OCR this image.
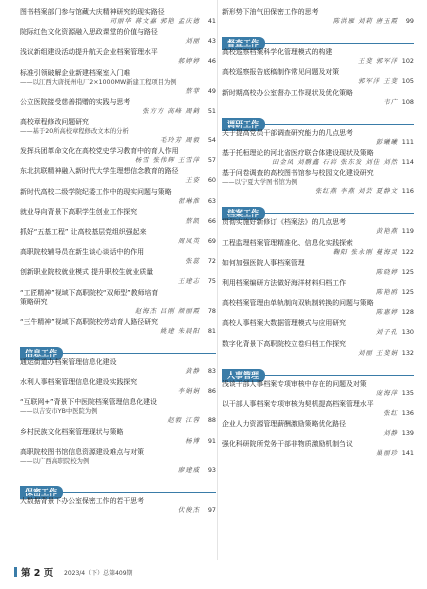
图书档案部门参与馆藏大庆精神研究的现实路径
司丽华 蒋文嘉 郭艳 孟庆德 41
院际红色文化资源融入思政课堂的价值与路径
刘丽 43
浅议新组建设活动提升航天企业档案管理水平
郝婷婷 46
标准引领破解企业新建档案室入门难
——以江西大唐抚州电厂2×1000MW新建工程项目为例
蔡菲 49
公立医院接受慈善捐赠的实践与思考
张方方 高峰 周鹤 51
高校章程修改问题研究
——基于20所高校章程修改文本的分析
毛玲芳 周毅 54
发挥兵团革命文化在高校党史学习教育中的育人作用
杨雪 张伟辉 王雪萍 57
东北抗联精神融入新时代大学生理想信念教育的路径
王姿 60
新时代高校二级学院纪委工作中的现实问题与策略
翟琳淮 63
就业导向背景下高职学生创业工作探究
蔡凯 66
抓好“五基工程” 让高校基层党组织强起来
周凤英 69
高职院校辅导员在新生谈心谈话中的作用
张蕊 72
创新职业院校就业模式 提升职校生就业质量
王建志 75
“工匠精神”视域下高职院校“双师型”教师培育
策略研究
赵海杰 吕刚 颜丽霞 78
“三牛精神”视域下高职院校劳动育人路径研究
姚建 朱晨阳 81
通运街道办档案管理信息化建设
黄静 83
水利人事档案管理信息化建设实践探究
李娟娟 86
“互联网+”背景下中医院档案管理信息化建设
——以吉安市YB中医院为例
赵毅 江蓉 88
乡村民族文化档案管理现状与策略
杨博 91
高职院校图书馆信息资源建设难点与对策
——以广西高职院校为例
廖建威 93
大数据背景下办公室保密工作的若干思考
伏俊杰 97
新形势下油气田保密工作的思考
陈洪雁 刘莉 唐玉霞 99
高校巡察档案科学化管理模式的构建
王斐 郭军洋 102
高校巡察报告底稿制作常见问题及对策
郭军洋 王斐 105
新时期高校办公室督办工作现状及优化策略
韦广 108
关于提高党员干部调查研究能力的几点思考
彭曦曦 111
基于托桓理论的河北省医疗联合体建设现状及策略
田金凤 刘鹏鑫 石岩 张东发 刘佳 刘然 114
基于问卷调查的高校图书馆参与校园文化建设研究
——以宁夏大学图书馆为例
张红燕 李燕 刘芸 夏静文 116
贯彻实施好新修订《档案法》的几点思考
黄艳燕 119
工程监理档案管理精准化、信息化实践探索
鞠阳 张永刚 蔓海灵 122
如何加强医院人事档案管理
陈晓婷 125
利用档案编研方法做好海洋材料归档工作
陈艳鸥 125
高校档案管理由单轨制向双轨制转换的问题与策略
陈惠婷 128
高校人事档案大数据管理模式与应用研究
刘子孔 130
数字化背景下高职院校立卷归档工作探究
刘丽 王斐娟 132
浅谈干部人事档案专项审核中存在的问题及对策
庞海萍 135
以干部人事档案专项审核为契机提高档案管理水平
张红 136
企业人力资源管理薪酬激励策略优化路径
刘静 139
强化科研院所党务干部非物质激励机制刍议
巢丽珍 141
第 2 页 2023/4（下）总第409期
